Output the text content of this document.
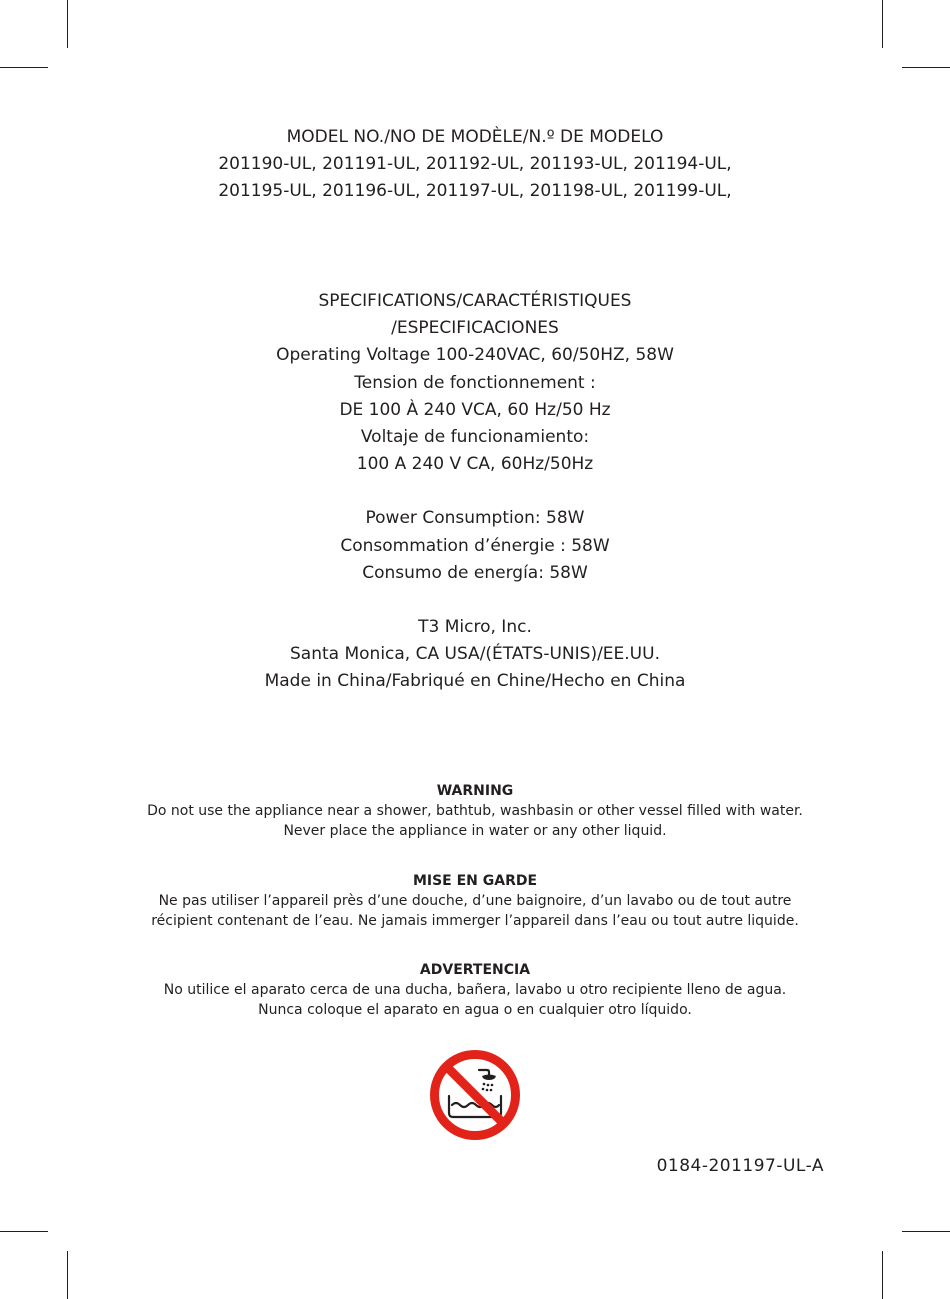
MODEL NO./NO DE MODÈLE/N.º DE MODELO
201190-UL, 201191-UL, 201192-UL, 201193-UL, 201194-UL,
201195-UL, 201196-UL, 201197-UL, 201198-UL, 201199-UL,
SPECIFICATIONS/CARACTÉRISTIQUES
/ESPECIFICACIONES
Operating Voltage 100-240VAC, 60/50HZ, 58W
Tension de fonctionnement :
DE 100 À 240 VCA, 60 Hz/50 Hz
Voltaje de funcionamiento:
100 A 240 V CA, 60Hz/50Hz
Power Consumption: 58W
Consommation d’énergie : 58W
Consumo de energía: 58W
T3 Micro, Inc.
Santa Monica, CA USA/(ÉTATS-UNIS)/EE.UU.
Made in China/Fabriqué en Chine/Hecho en China
WARNING
Do not use the appliance near a shower, bathtub, washbasin or other vessel filled with water.
Never place the appliance in water or any other liquid.
MISE EN GARDE
Ne pas utiliser l’appareil près d’une douche, d’une baignoire, d’un lavabo ou de tout autre
récipient contenant de l’eau. Ne jamais immerger l’appareil dans l’eau ou tout autre liquide.
ADVERTENCIA
No utilice el aparato cerca de una ducha, bañera, lavabo u otro recipiente lleno de agua.
Nunca coloque el aparato en agua o en cualquier otro líquido.
0184-201197-UL-A
